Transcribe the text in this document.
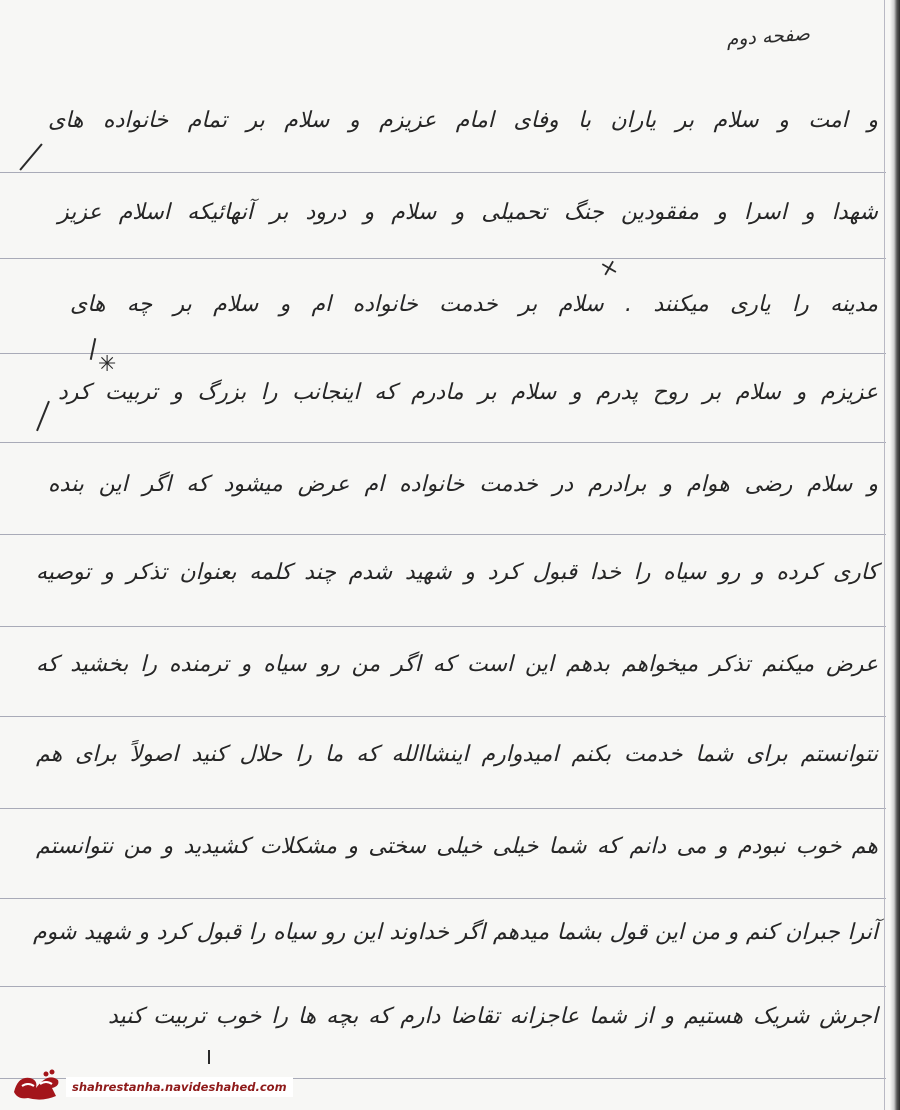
صفحه دوم
و امت و سلام بر یاران با وفای امام عزیزم و سلام بر تمام خانواده های
شهدا و اسرا و مفقودین جنگ تحمیلی و سلام و درود بر آنهائیکه اسلام عزیز
مدینه را یاری میکنند . سلام بر خدمت خانواده ام و سلام بر چه های
عزیزم و سلام بر روح پدرم و سلام بر مادرم که اینجانب را بزرگ و تربیت کرد
و سلام رضی هوام و برادرم در خدمت خانواده ام عرض میشود که اگر این بنده
کاری کرده و رو سیاه را خدا قبول کرد و شهید شدم چند کلمه بعنوان تذکر و توصیه
عرض میکنم تذکر میخواهم بدهم این است که اگر من رو سیاه و ترمنده را بخشید که
نتوانستم برای شما خدمت بکنم امیدوارم اینشاالله که ما را حلال کنید اصولاً برای هم
هم خوب نبودم و می دانم که شما خیلی خیلی سختی و مشکلات کشیدید و من نتوانستم
آنرا جبران کنم و من این قول بشما میدهم اگر خداوند این رو سیاه را قبول کرد و شهید شوم
اجرش شریک هستیم و از شما عاجزانه تقاضا دارم که بچه ها را خوب تربیت کنید
×
✳
shahrestanha.navideshahed.com
